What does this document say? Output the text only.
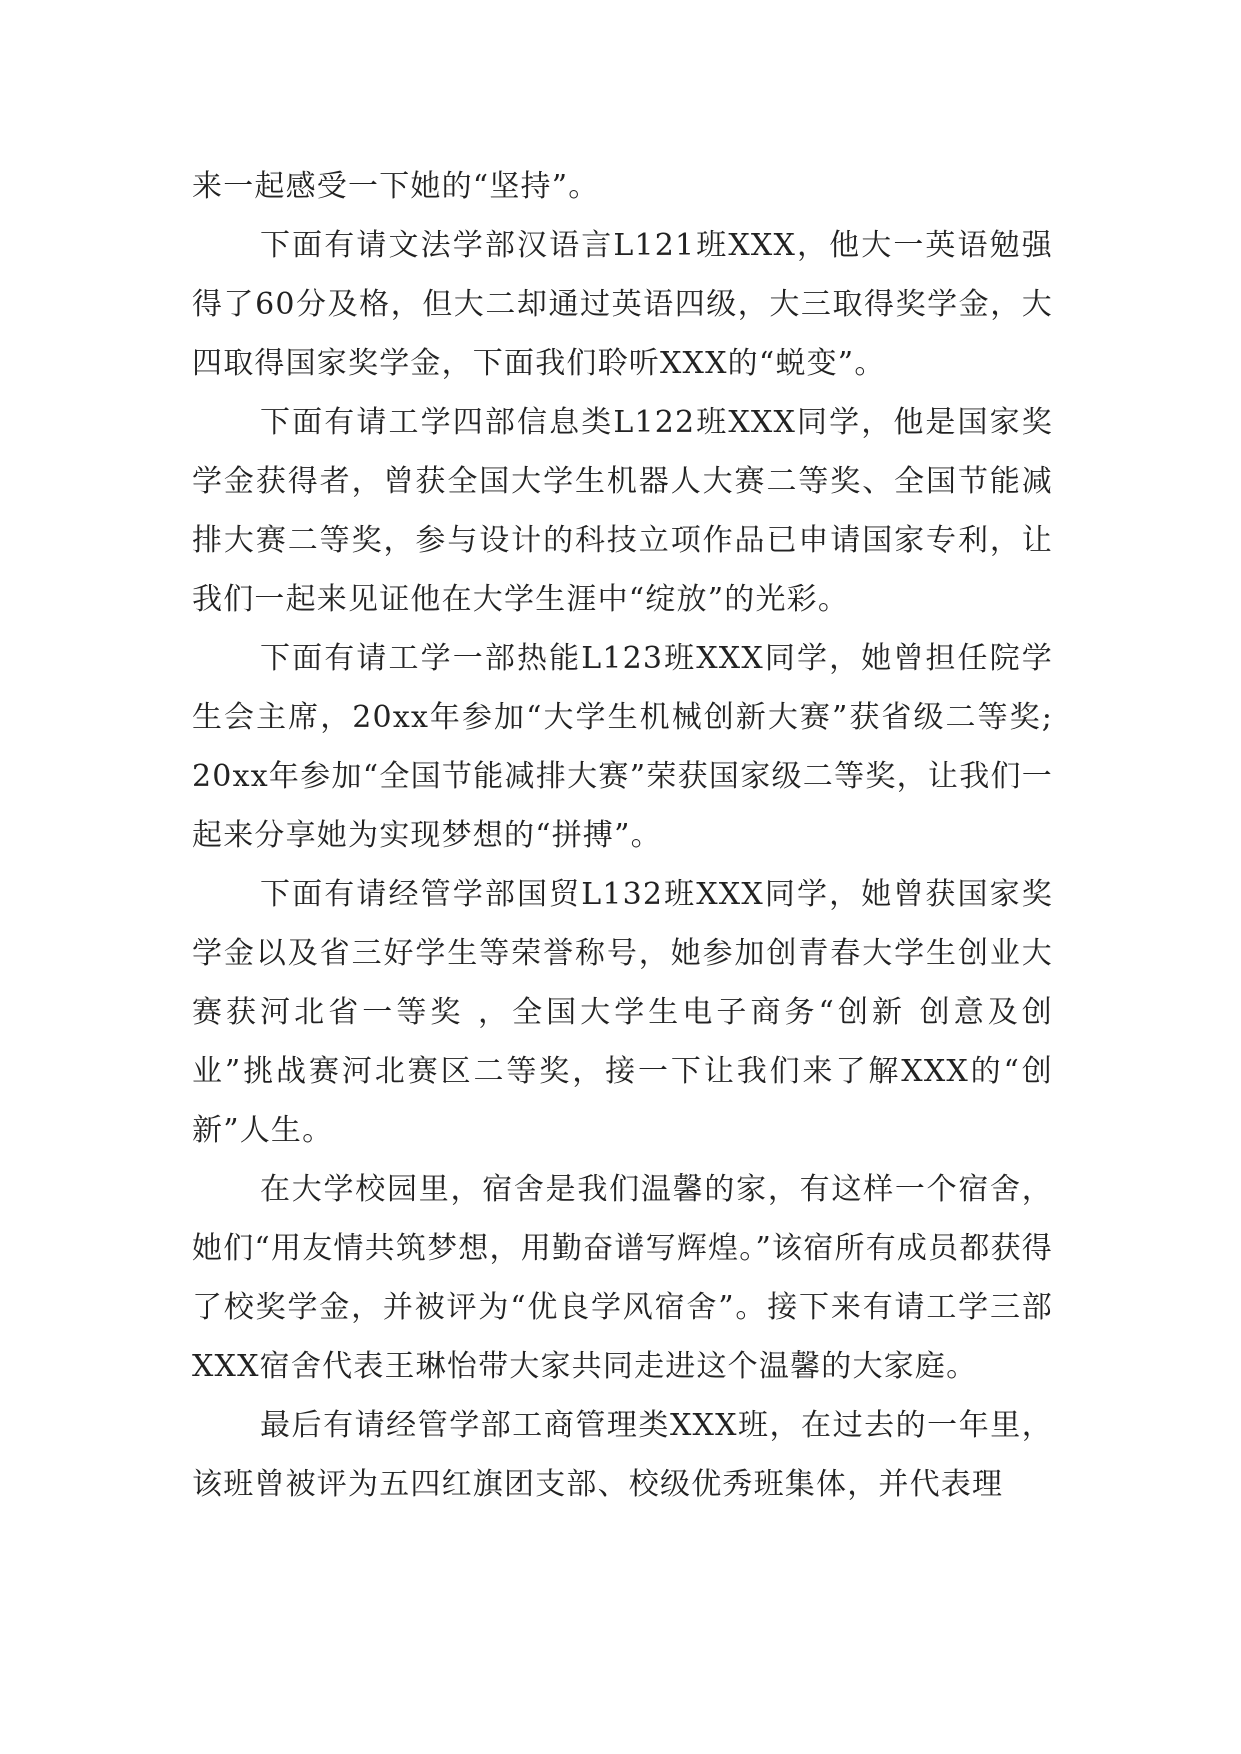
来一起感受一下她的“坚持”。

下面有请文法学部汉语言L121班XXX，他大一英语勉强得了60分及格，但大二却通过英语四级，大三取得奖学金，大四取得国家奖学金，下面我们聆听XXX的“蜕变”。

下面有请工学四部信息类L122班XXX同学，他是国家奖学金获得者，曾获全国大学生机器人大赛二等奖、全国节能减排大赛二等奖，参与设计的科技立项作品已申请国家专利，让我们一起来见证他在大学生涯中“绽放”的光彩。

下面有请工学一部热能L123班XXX同学，她曾担任院学生会主席，20xx年参加“大学生机械创新大赛”获省级二等奖; 20xx年参加“全国节能减排大赛”荣获国家级二等奖，让我们一起来分享她为实现梦想的“拼搏”。

下面有请经管学部国贸L132班XXX同学，她曾获国家奖学金以及省三好学生等荣誉称号，她参加创青春大学生创业大赛获河北省一等奖 ，全国大学生电子商务“创新 创意及创业”挑战赛河北赛区二等奖，接一下让我们来了解XXX的“创新”人生。

在大学校园里，宿舍是我们温馨的家，有这样一个宿舍，她们“用友情共筑梦想，用勤奋谱写辉煌。”该宿所有成员都获得了校奖学金，并被评为“优良学风宿舍”。接下来有请工学三部XXX宿舍代表王琳怡带大家共同走进这个温馨的大家庭。

最后有请经管学部工商管理类XXX班，在过去的一年里，该班曾被评为五四红旗团支部、校级优秀班集体，并代表理
